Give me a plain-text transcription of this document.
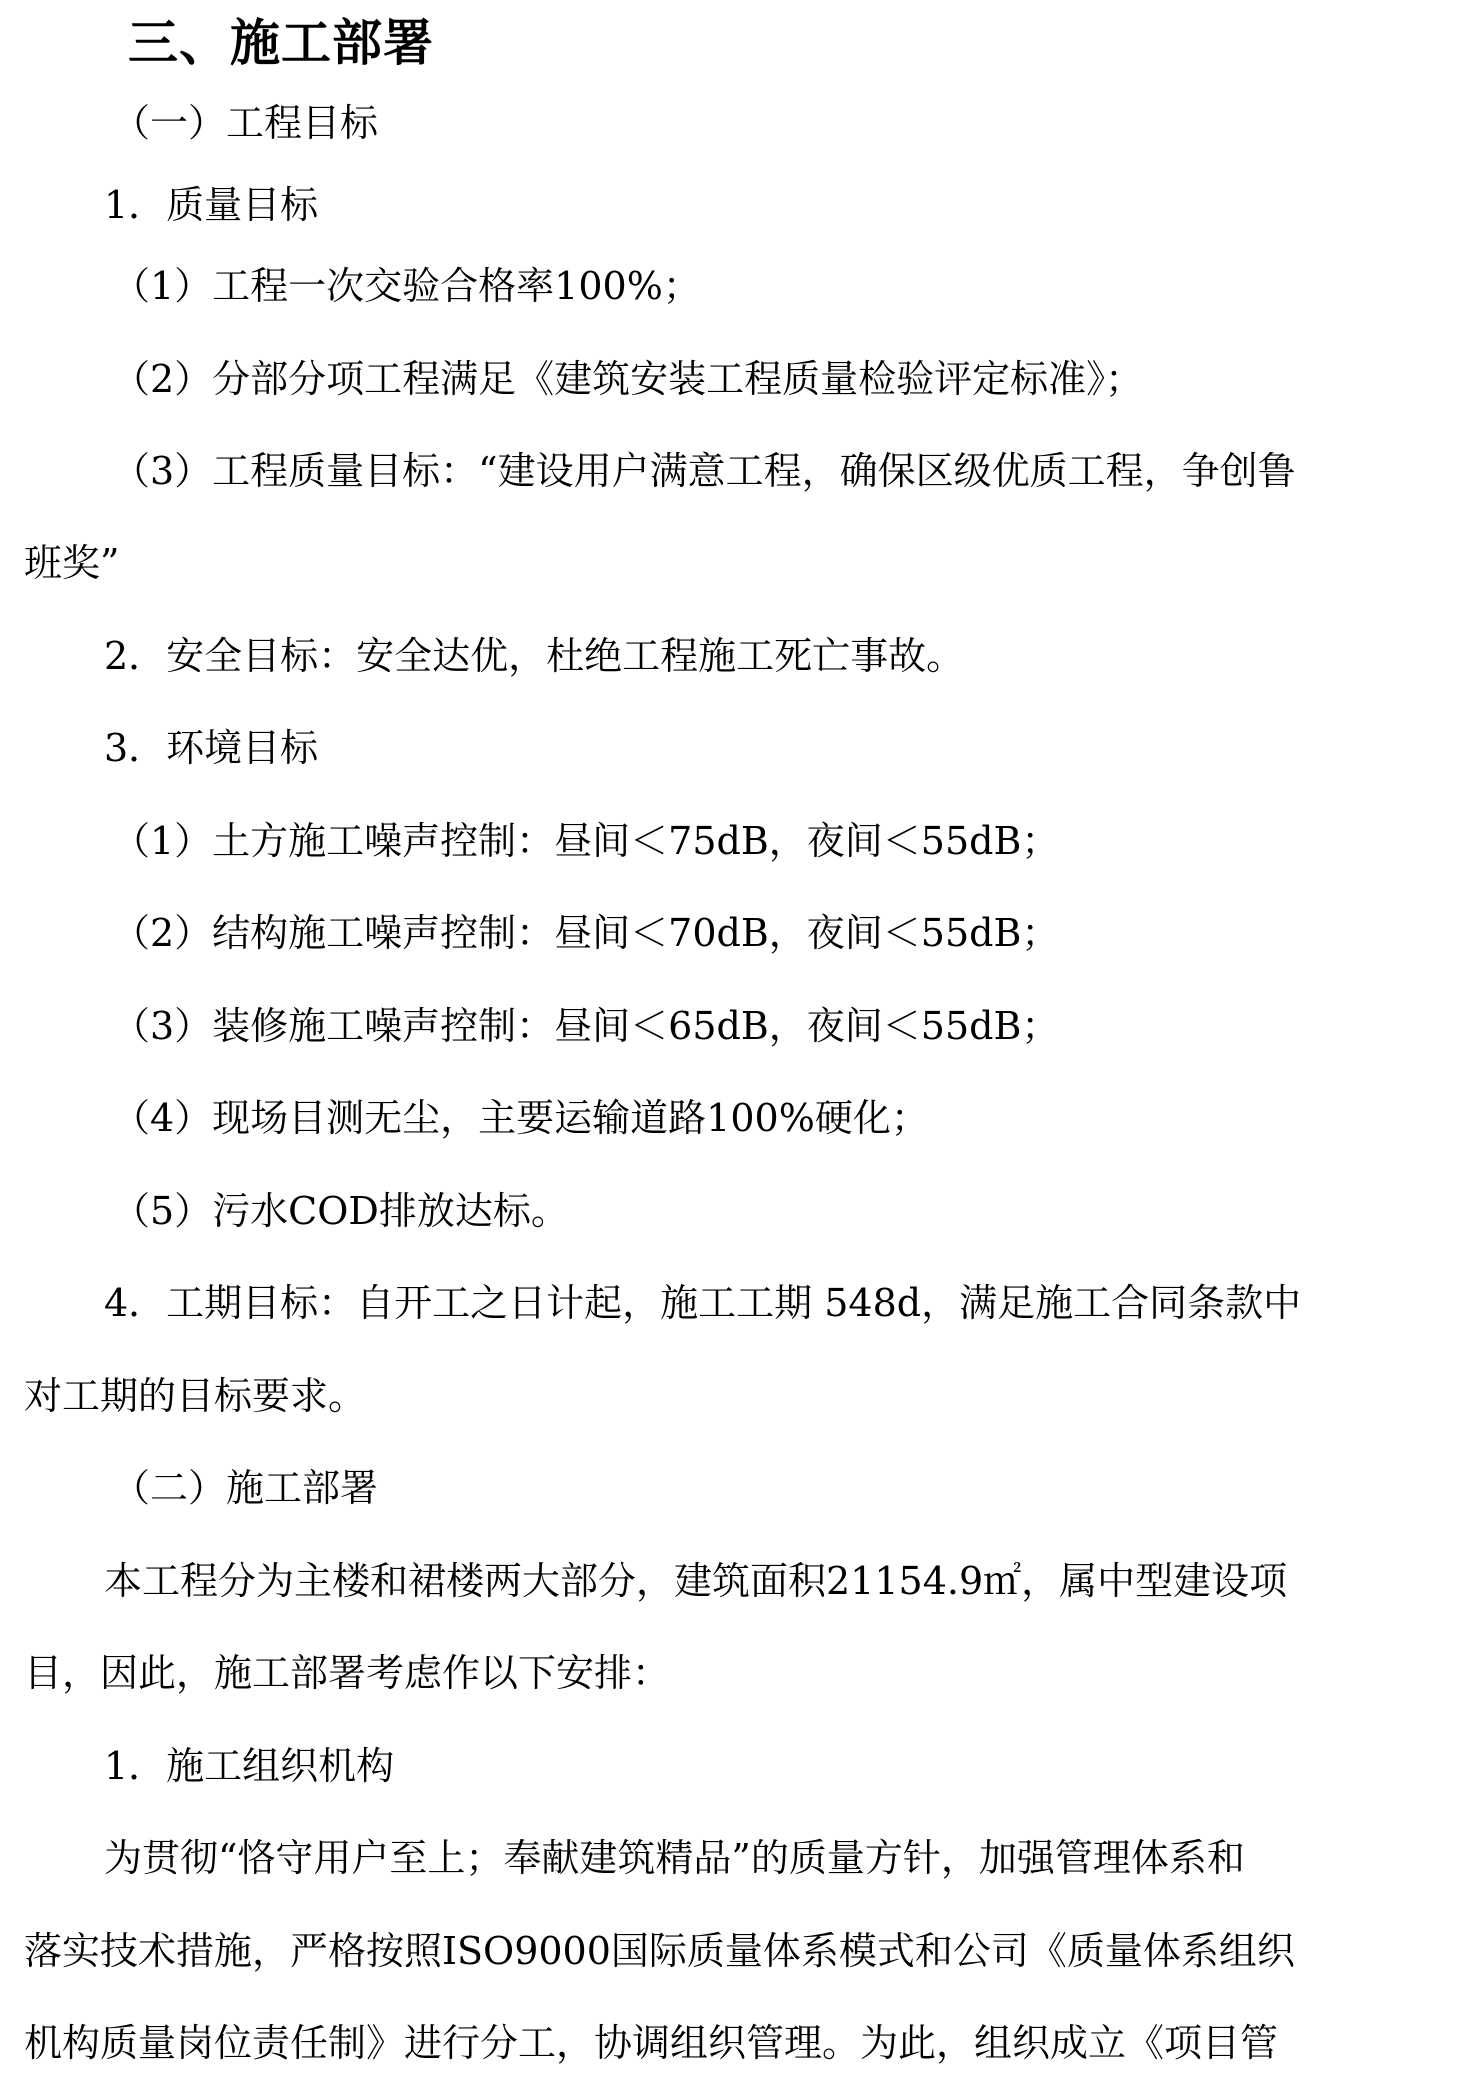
三、施工部署

（一）工程目标

1．质量目标

（1）工程一次交验合格率100%；

（2）分部分项工程满足《建筑安装工程质量检验评定标准》；

（3）工程质量目标：“建设用户满意工程，确保区级优质工程，争创鲁

班奖”

2．安全目标：安全达优，杜绝工程施工死亡事故。

3．环境目标

（1）土方施工噪声控制：昼间＜75dB，夜间＜55dB；

（2）结构施工噪声控制：昼间＜70dB，夜间＜55dB；

（3）装修施工噪声控制：昼间＜65dB，夜间＜55dB；

（4）现场目测无尘，主要运输道路100%硬化；

（5）污水COD排放达标。

4．工期目标：自开工之日计起，施工工期 548d，满足施工合同条款中

对工期的目标要求。

（二）施工部署

本工程分为主楼和裙楼两大部分，建筑面积21154.9㎡，属中型建设项

目，因此，施工部署考虑作以下安排：

1．施工组织机构

为贯彻“恪守用户至上；奉献建筑精品”的质量方针，加强管理体系和

落实技术措施，严格按照ISO9000国际质量体系模式和公司《质量体系组织

机构质量岗位责任制》进行分工，协调组织管理。为此，组织成立《项目管
